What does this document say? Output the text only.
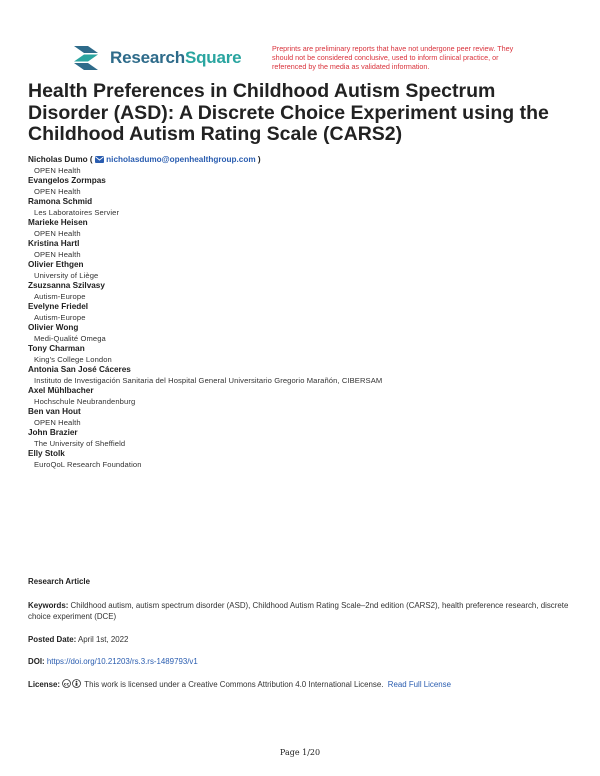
ResearchSquare	Preprints are preliminary reports that have not undergone peer review. They should not be considered conclusive, used to inform clinical practice, or referenced by the media as validated information.
Health Preferences in Childhood Autism Spectrum Disorder (ASD): A Discrete Choice Experiment using the Childhood Autism Rating Scale (CARS2)
Nicholas Dumo (  nicholasdumo@openhealthgroup.com )
OPEN Health
Evangelos Zormpas
OPEN Health
Ramona Schmid
Les Laboratoires Servier
Marieke Heisen
OPEN Health
Kristina Hartl
OPEN Health
Olivier Ethgen
University of Liège
Zsuzsanna Szilvasy
Autism-Europe
Evelyne Friedel
Autism-Europe
Olivier Wong
Medi-Qualité Omega
Tony Charman
King's College London
Antonia San José Cáceres
Instituto de Investigación Sanitaria del Hospital General Universitario Gregorio Marañón, CIBERSAM
Axel Mühlbacher
Hochschule Neubrandenburg
Ben van Hout
OPEN Health
John Brazier
The University of Sheffield
Elly Stolk
EuroQoL Research Foundation
Research Article
Keywords: Childhood autism, autism spectrum disorder (ASD), Childhood Autism Rating Scale–2nd edition (CARS2), health preference research, discrete choice experiment (DCE)
Posted Date: April 1st, 2022
DOI: https://doi.org/10.21203/rs.3.rs-1489793/v1
License: cc This work is licensed under a Creative Commons Attribution 4.0 International License. Read Full License
Page 1/20
